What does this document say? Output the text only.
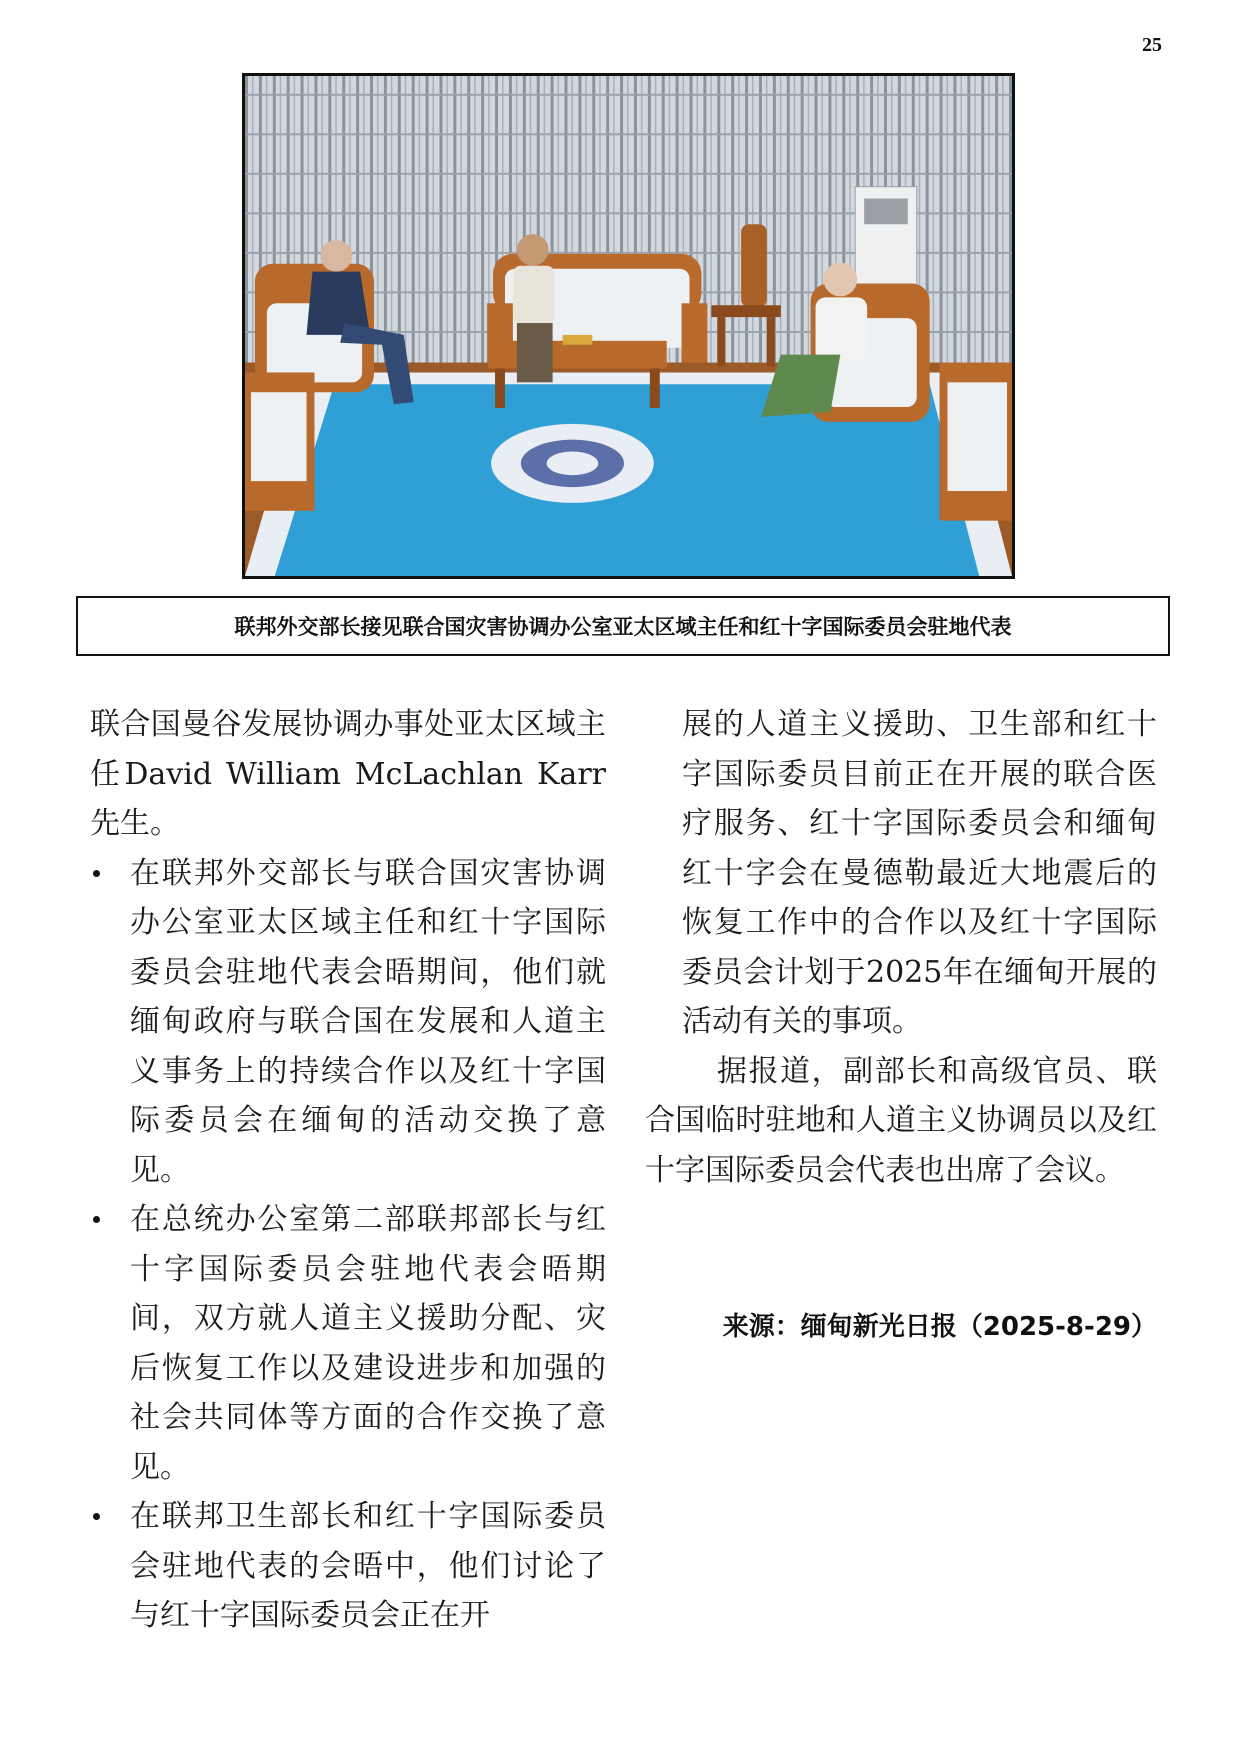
25
联邦外交部长接见联合国灾害协调办公室亚太区域主任和红十字国际委员会驻地代表

联合国曼谷发展协调办事处亚太区域主任David William McLachlan Karr先生。

在联邦外交部长与联合国灾害协调办公室亚太区域主任和红十字国际委员会驻地代表会晤期间，他们就缅甸政府与联合国在发展和人道主义事务上的持续合作以及红十字国际委员会在缅甸的活动交换了意见。
在总统办公室第二部联邦部长与红十字国际委员会驻地代表会晤期间，双方就人道主义援助分配、灾后恢复工作以及建设进步和加强的社会共同体等方面的合作交换了意见。
在联邦卫生部长和红十字国际委员会驻地代表的会晤中，他们讨论了与红十字国际委员会正在开

展的人道主义援助、卫生部和红十字国际委员目前正在开展的联合医疗服务、红十字国际委员会和缅甸红十字会在曼德勒最近大地震后的恢复工作中的合作以及红十字国际委员会计划于2025年在缅甸开展的活动有关的事项。

据报道，副部长和高级官员、联合国临时驻地和人道主义协调员以及红十字国际委员会代表也出席了会议。

来源：缅甸新光日报（2025-8-29）
